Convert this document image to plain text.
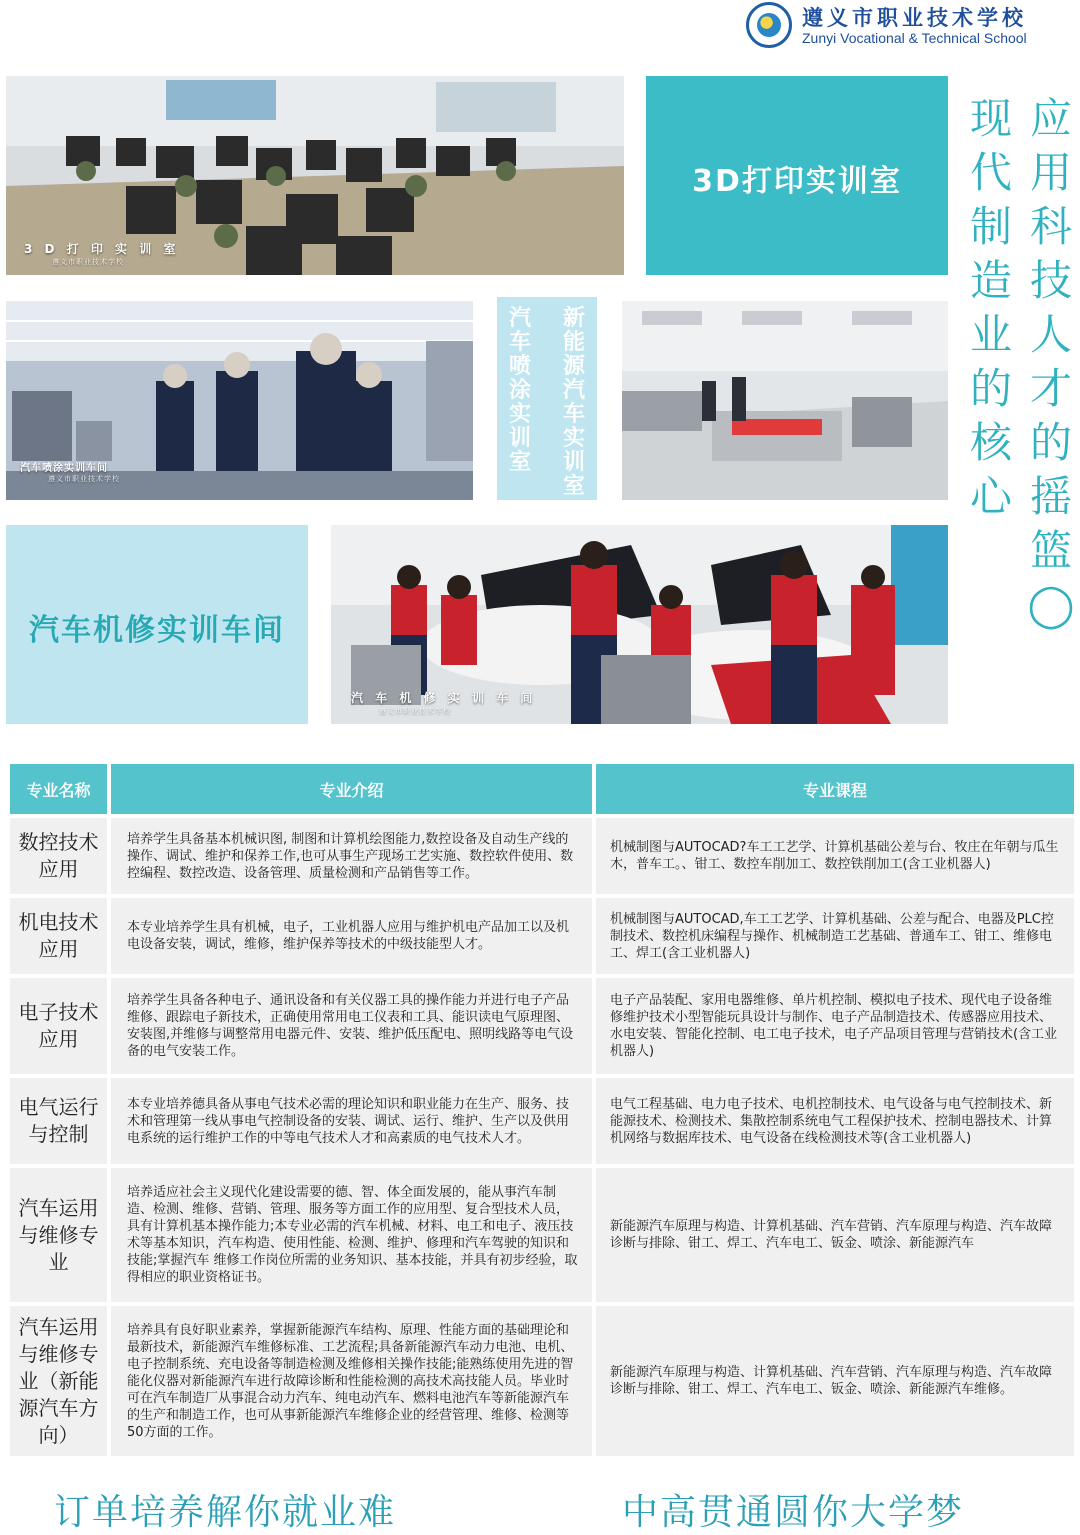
遵义市职业技术学校
Zunyi Vocational & Technical School
3 D 打 印 实 训 室
遵义市职业技术学校
3D打印实训室
应用科技人才的摇篮◯
现代制造业的核心
汽车喷涂实训车间
遵义市职业技术学校
汽车喷涂实训室
新能源汽车实训室
汽车机修实训车间
汽 车 机 修 实 训 车 间
遵义市职业技术学校
专业名称	专业介绍	专业课程
数控技术应用	培养学生具备基本机械识图, 制图和计算机绘图能力,数控设备及自动生产线的操作、调试、维护和保养工作,也可从事生产现场工艺实施、数控软件使用、数控编程、数控改造、设备管理、质量检测和产品销售等工作。	机械制图与AUTOCAD?车工工艺学、计算机基础公差与台、牧庄在年朝与瓜生木，普车工。、钳工、数控车削加工、数控铁削加工(含工业机器人)
机电技术应用	本专业培养学生具有机械，电子，工业机器人应用与维护机电产品加工以及机电设备安装，调试，维修，维护保养等技术的中级技能型人才。	机械制图与AUTOCAD,车工工艺学、计算机基础、公差与配合、电器及PLC控制技术、数控机床编程与操作、机械制造工艺基础、普通车工、钳工、维修电工、焊工(含工业机器人)
电子技术应用	培养学生具备各种电子、通讯设备和有关仪器工具的操作能力并进行电子产品维修、跟踪电子新技术，正确使用常用电工仪表和工具、能识读电气原理图、安装图,并维修与调整常用电器元件、安装、维护低压配电、照明线路等电气设备的电气安装工作。	电子产品装配、家用电器维修、单片机控制、模拟电子技术、现代电子设备维修维护技术小型智能玩具设计与制作、电子产品制造技术、传感器应用技术、水电安装、智能化控制、电工电子技术，电子产品项目管理与营销技术(含工业机器人)
电气运行与控制	本专业培养德具备从事电气技术必需的理论知识和职业能力在生产、服务、技术和管理第一线从事电气控制设备的安装、调试、运行、维护、生产以及供用电系统的运行维护工作的中等电气技术人才和高素质的电气技术人才。	电气工程基础、电力电子技术、电机控制技术、电气设备与电气控制技术、新能源技术、检测技术、集散控制系统电气工程保护技术、控制电器技术、计算机网络与数据库技术、电气设备在线检测技术等(含工业机器人)
汽车运用与维修专业	培养适应社会主义现代化建设需要的德、智、体全面发展的，能从事汽车制造、检测、维修、营销、管理、服务等方面工作的应用型、复合型技术人员，具有计算机基本操作能力;本专业必需的汽车机械、材料、电工和电子、液压技术等基本知识，汽车构造、使用性能、检测、维护、修理和汽车驾驶的知识和技能;掌握汽车 维修工作岗位所需的业务知识、基本技能，并具有初步经验，取得相应的职业资格证书。	新能源汽车原理与构造、计算机基础、汽车营销、汽车原理与构造、汽车故障诊断与排除、钳工、焊工、汽车电工、钣金、喷涂、新能源汽车
汽车运用与维修专业（新能源汽车方向）	培养具有良好职业素养，掌握新能源汽车结构、原理、性能方面的基础理论和最新技术，新能源汽车维修标准、工艺流程;具备新能源汽车动力电池、电机、电子控制系统、充电设备等制造检测及维修相关操作技能;能熟练使用先进的智能化仪器对新能源汽车进行故障诊断和性能检测的高技术高技能人员。毕业时可在汽车制造厂从事混合动力汽车、纯电动汽车、燃料电池汽车等新能源汽车的生产和制造工作，也可从事新能源汽车维修企业的经营管理、维修、检测等50方面的工作。	新能源汽车原理与构造、计算机基础、汽车营销、汽车原理与构造、汽车故障诊断与排除、钳工、焊工、汽车电工、钣金、喷涂、新能源汽车维修。
订单培养解你就业难	中高贯通圆你大学梦
